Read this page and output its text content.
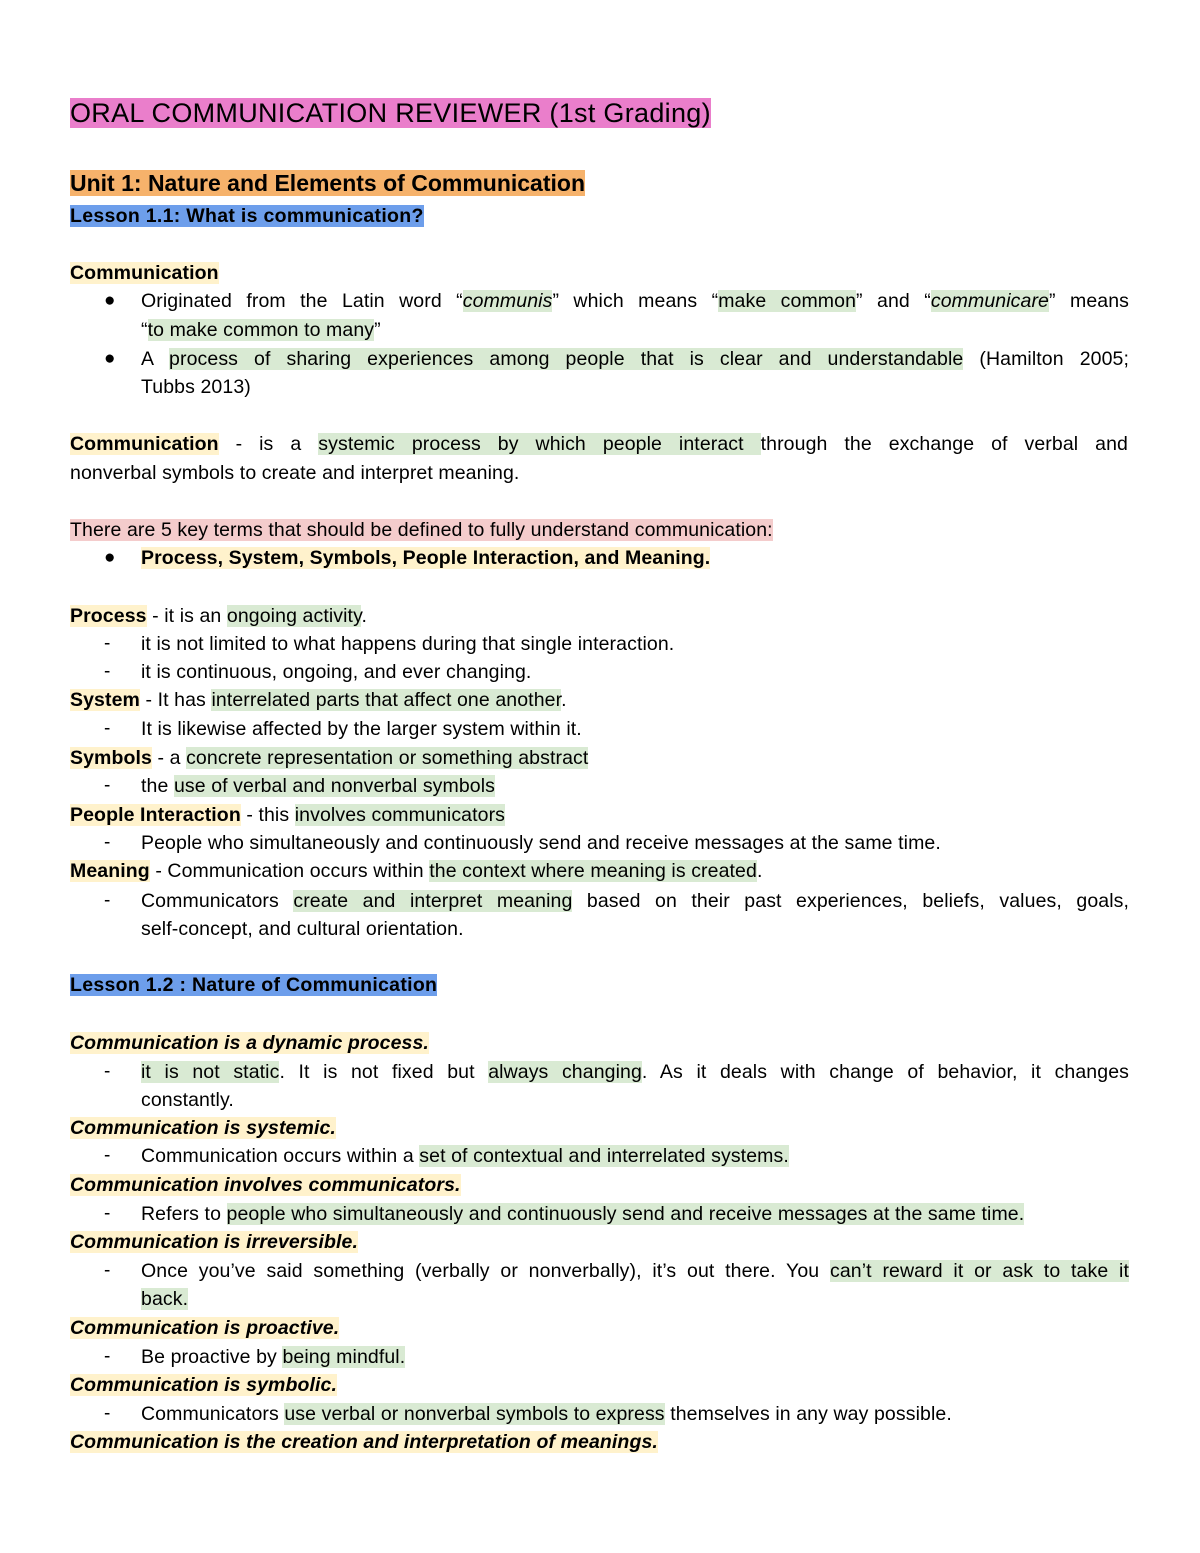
ORAL COMMUNICATION REVIEWER (1st Grading)
Unit 1: Nature and Elements of Communication
Lesson 1.1: What is communication?
Communication
● Originated from the Latin word “communis” which means “make common” and “communicare” means
“to make common to many”
● A process of sharing experiences among people that is clear and understandable (Hamilton 2005;
Tubbs 2013)
Communication - is a systemic process by which people interact through the exchange of verbal and
nonverbal symbols to create and interpret meaning.
There are 5 key terms that should be defined to fully understand communication:
● Process, System, Symbols, People Interaction, and Meaning.
Process - it is an ongoing activity.
- it is not limited to what happens during that single interaction.
- it is continuous, ongoing, and ever changing.
System - It has interrelated parts that affect one another.
- It is likewise affected by the larger system within it.
Symbols - a concrete representation or something abstract
- the use of verbal and nonverbal symbols
People Interaction - this involves communicators
- People who simultaneously and continuously send and receive messages at the same time.
Meaning - Communication occurs within the context where meaning is created.
- Communicators create and interpret meaning based on their past experiences, beliefs, values, goals,
self-concept, and cultural orientation.
Lesson 1.2 : Nature of Communication
Communication is a dynamic process.
- it is not static. It is not fixed but always changing. As it deals with change of behavior, it changes
constantly.
Communication is systemic.
- Communication occurs within a set of contextual and interrelated systems.
Communication involves communicators.
- Refers to people who simultaneously and continuously send and receive messages at the same time.
Communication is irreversible.
- Once you’ve said something (verbally or nonverbally), it’s out there. You can’t reward it or ask to take it
back.
Communication is proactive.
- Be proactive by being mindful.
Communication is symbolic.
- Communicators use verbal or nonverbal symbols to express themselves in any way possible.
Communication is the creation and interpretation of meanings.
